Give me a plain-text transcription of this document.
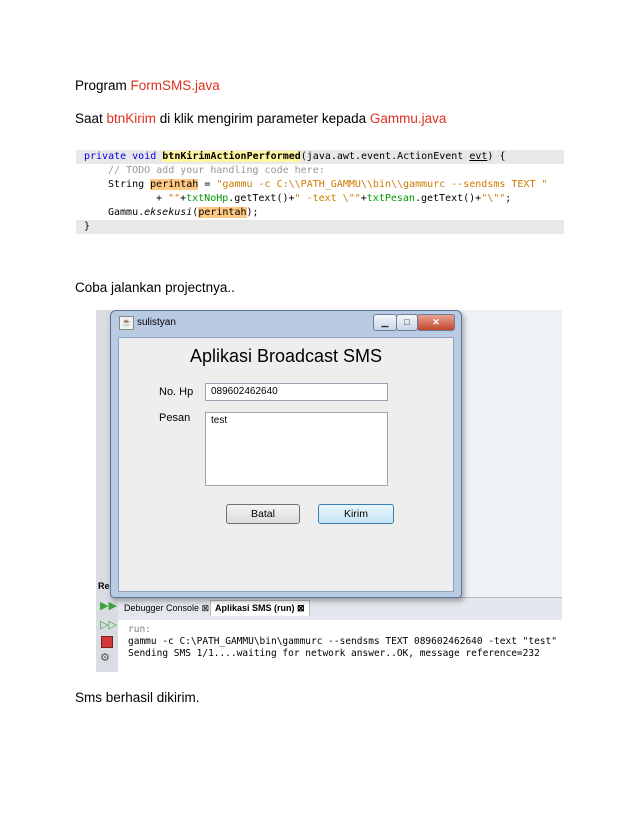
Program FormSMS.java
Saat btnKirim di klik mengirim parameter kepada Gammu.java
private void btnKirimActionPerformed(java.awt.event.ActionEvent evt) {
// TODO add your handling code here:
String perintah = "gammu -c C:\\PATH_GAMMU\\bin\\gammurc --sendsms TEXT "
+ ""+txtNoHp.getText()+" -text \""+txtPesan.getText()+"\"";
Gammu.eksekusi(perintah);
}
Coba jalankan projectnya..
Re
▶▶
▷▷
⚙
Debugger Console ⊠ Aplikasi SMS (run) ⊠
run:
gammu -c C:\PATH_GAMMU\bin\gammurc --sendsms TEXT 089602462640 -text "test"
Sending SMS 1/1....waiting for network answer..OK, message reference=232
☕ sulistyan	▁	□	✕
Aplikasi Broadcast SMS
No. Hp	089602462640
Pesan	test
Batal	Kirim
Sms berhasil dikirim.
